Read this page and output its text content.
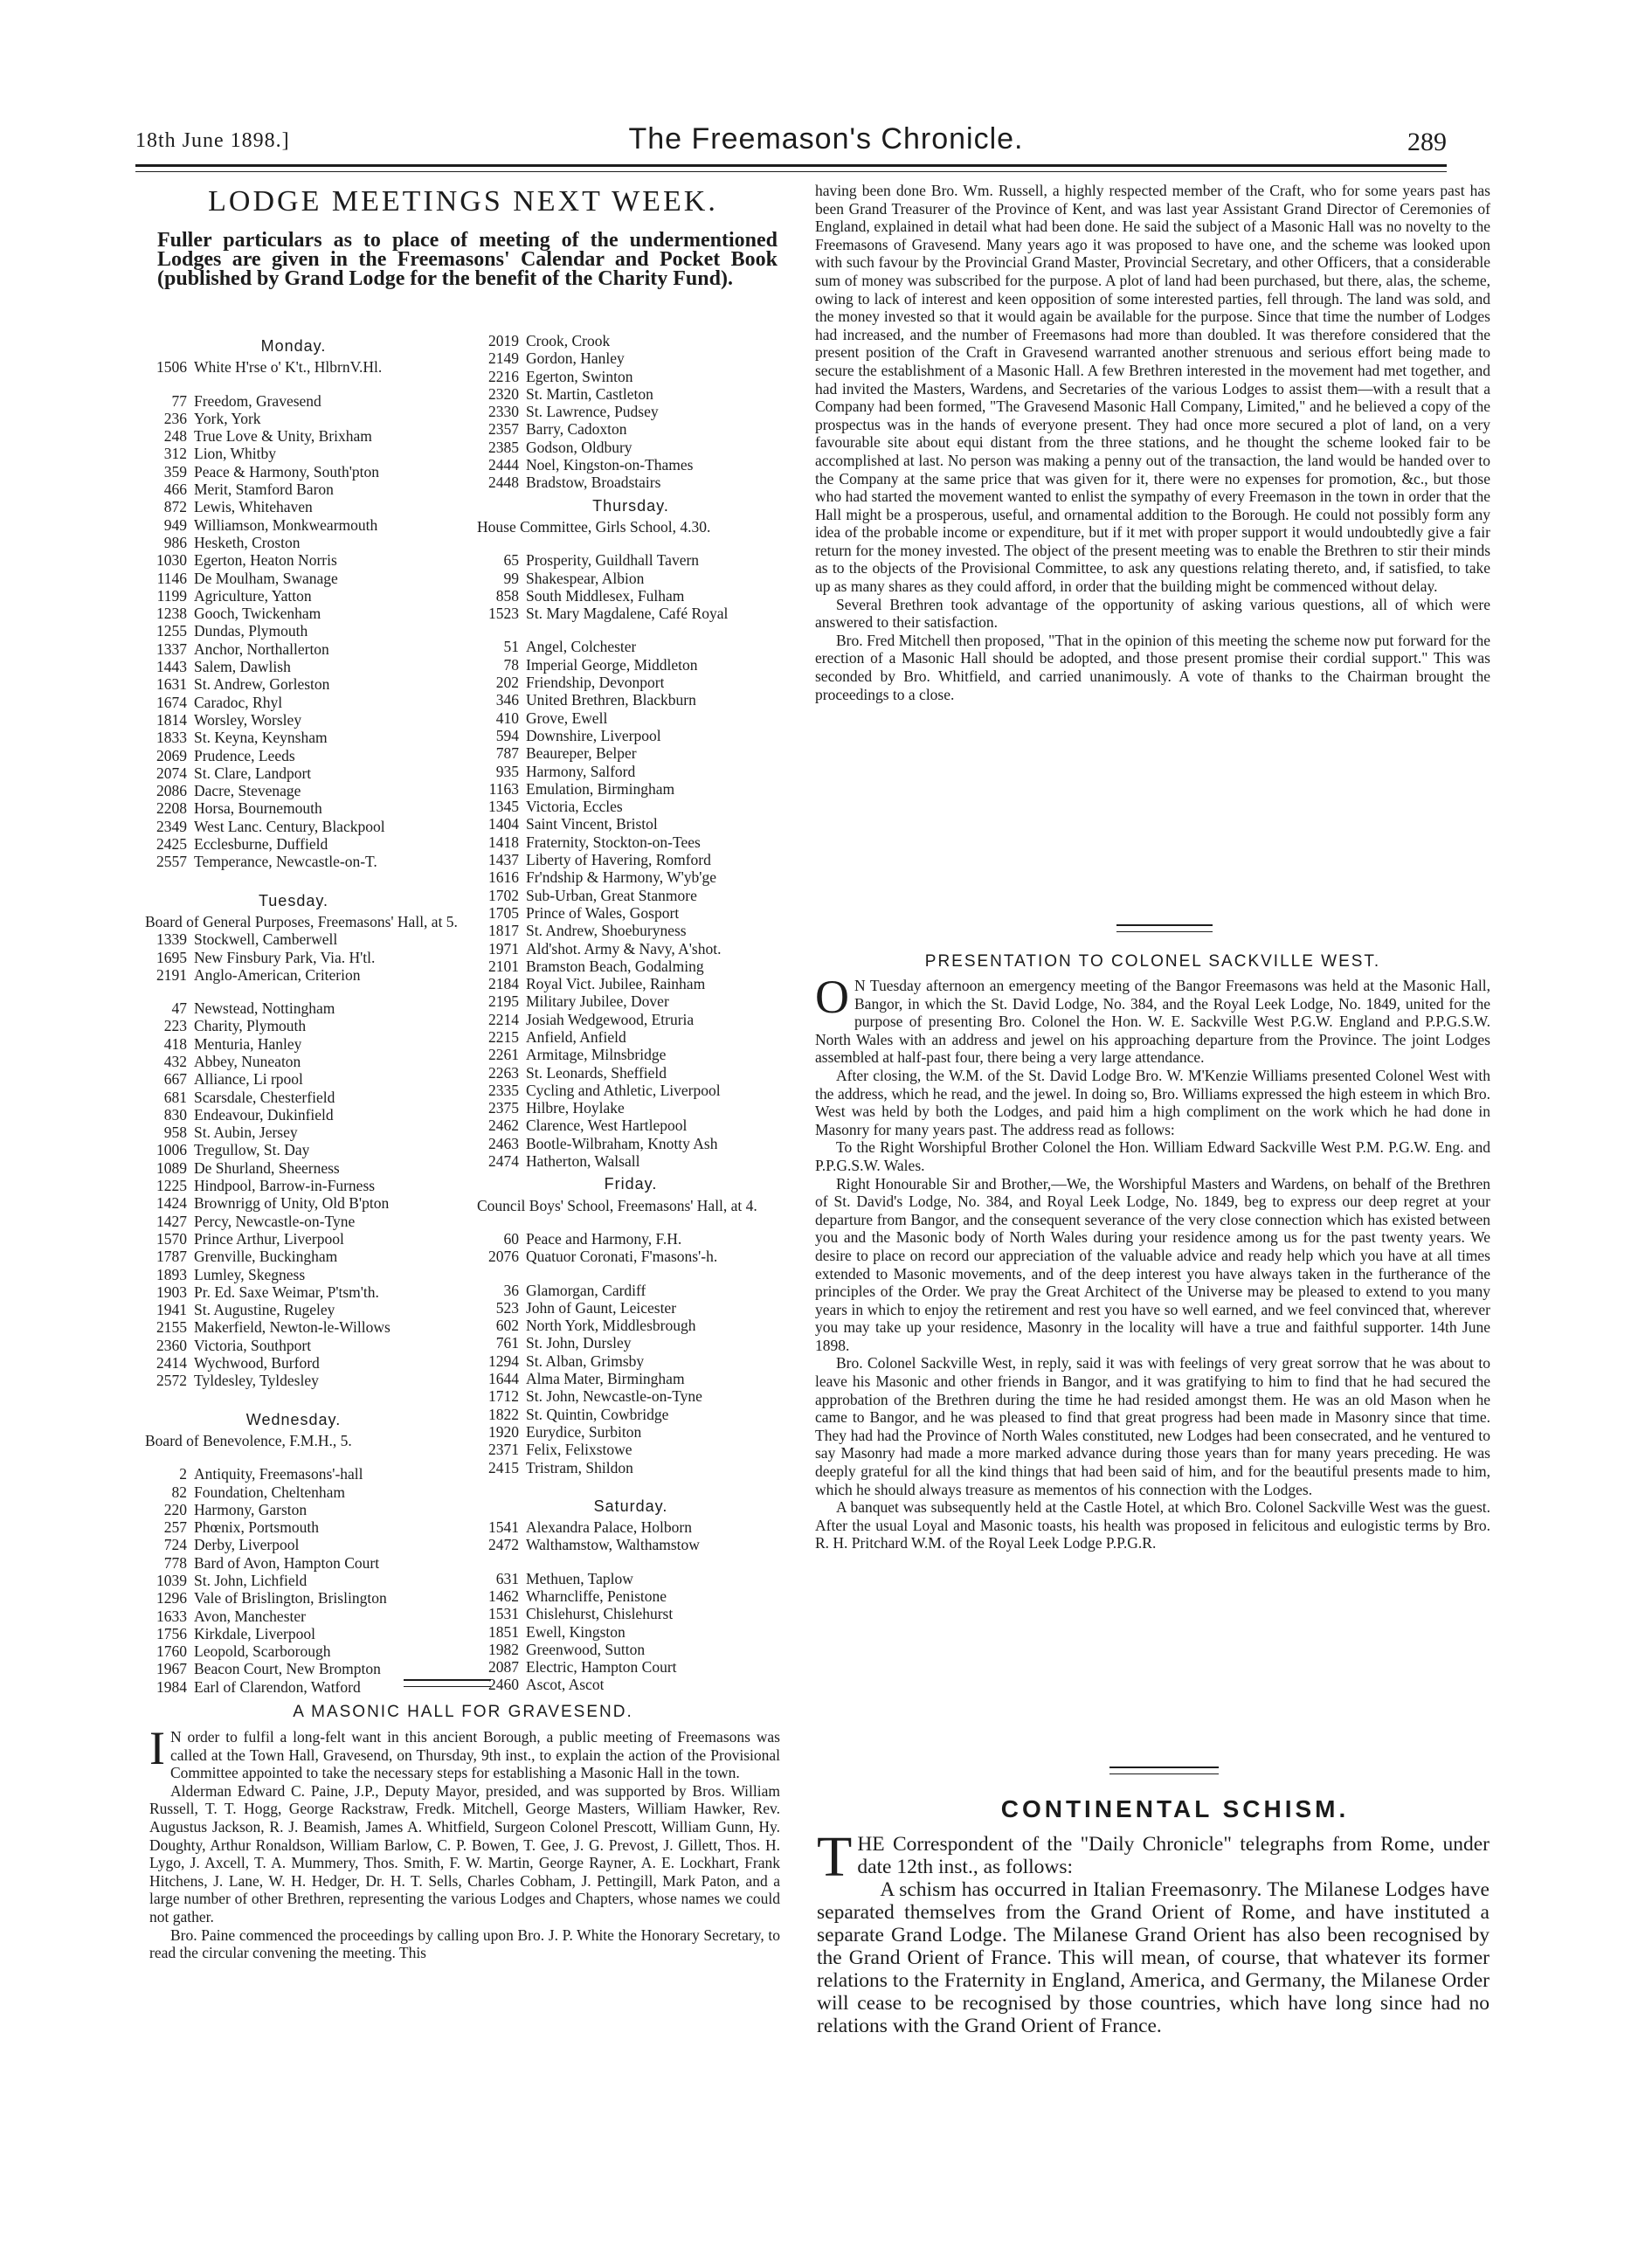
18th June 1898.]	The Freemason's Chronicle.	289
LODGE MEETINGS NEXT WEEK.
Fuller particulars as to place of meeting of the undermentioned Lodges are given in the Freemasons' Calendar and Pocket Book (published by Grand Lodge for the benefit of the Charity Fund).
Monday.
1506 White H'rse o' K't., HlbrnV.Hl.
77 Freedom, Gravesend
236 York, York
248 True Love & Unity, Brixham
312 Lion, Whitby
359 Peace & Harmony, South'pton
466 Merit, Stamford Baron
872 Lewis, Whitehaven
949 Williamson, Monkwearmouth
986 Hesketh, Croston
1030 Egerton, Heaton Norris
1146 De Moulham, Swanage
1199 Agriculture, Yatton
1238 Gooch, Twickenham
1255 Dundas, Plymouth
1337 Anchor, Northallerton
1443 Salem, Dawlish
1631 St. Andrew, Gorleston
1674 Caradoc, Rhyl
1814 Worsley, Worsley
1833 St. Keyna, Keynsham
2069 Prudence, Leeds
2074 St. Clare, Landport
2086 Dacre, Stevenage
2208 Horsa, Bournemouth
2349 West Lanc. Century, Blackpool
2425 Ecclesburne, Duffield
2557 Temperance, Newcastle-on-T.
Tuesday.
Board of General Purposes, Freemasons' Hall, at 5.
1339 Stockwell, Camberwell
1695 New Finsbury Park, Via. H'tl.
2191 Anglo-American, Criterion
47 Newstead, Nottingham
223 Charity, Plymouth
418 Menturia, Hanley
432 Abbey, Nuneaton
667 Alliance, Li rpool
681 Scarsdale, Chesterfield
830 Endeavour, Dukinfield
958 St. Aubin, Jersey
1006 Tregullow, St. Day
1089 De Shurland, Sheerness
1225 Hindpool, Barrow-in-Furness
1424 Brownrigg of Unity, Old B'pton
1427 Percy, Newcastle-on-Tyne
1570 Prince Arthur, Liverpool
1787 Grenville, Buckingham
1893 Lumley, Skegness
1903 Pr. Ed. Saxe Weimar, P'tsm'th.
1941 St. Augustine, Rugeley
2155 Makerfield, Newton-le-Willows
2360 Victoria, Southport
2414 Wychwood, Burford
2572 Tyldesley, Tyldesley
Wednesday.
Board of Benevolence, F.M.H., 5.
2 Antiquity, Freemasons'-hall
82 Foundation, Cheltenham
220 Harmony, Garston
257 Phœnix, Portsmouth
724 Derby, Liverpool
778 Bard of Avon, Hampton Court
1039 St. John, Lichfield
1296 Vale of Brislington, Brislington
1633 Avon, Manchester
1756 Kirkdale, Liverpool
1760 Leopold, Scarborough
1967 Beacon Court, New Brompton
1984 Earl of Clarendon, Watford
2019 Crook, Crook
2149 Gordon, Hanley
2216 Egerton, Swinton
2320 St. Martin, Castleton
2330 St. Lawrence, Pudsey
2357 Barry, Cadoxton
2385 Godson, Oldbury
2444 Noel, Kingston-on-Thames
2448 Bradstow, Broadstairs
Thursday.
House Committee, Girls School, 4.30.
65 Prosperity, Guildhall Tavern
99 Shakespear, Albion
858 South Middlesex, Fulham
1523 St. Mary Magdalene, Café Royal
51 Angel, Colchester
78 Imperial George, Middleton
202 Friendship, Devonport
346 United Brethren, Blackburn
410 Grove, Ewell
594 Downshire, Liverpool
787 Beaureper, Belper
935 Harmony, Salford
1163 Emulation, Birmingham
1345 Victoria, Eccles
1404 Saint Vincent, Bristol
1418 Fraternity, Stockton-on-Tees
1437 Liberty of Havering, Romford
1616 Fr'ndship & Harmony, W'yb'ge
1702 Sub-Urban, Great Stanmore
1705 Prince of Wales, Gosport
1817 St. Andrew, Shoeburyness
1971 Ald'shot. Army & Navy, A'shot.
2101 Bramston Beach, Godalming
2184 Royal Vict. Jubilee, Rainham
2195 Military Jubilee, Dover
2214 Josiah Wedgewood, Etruria
2215 Anfield, Anfield
2261 Armitage, Milnsbridge
2263 St. Leonards, Sheffield
2335 Cycling and Athletic, Liverpool
2375 Hilbre, Hoylake
2462 Clarence, West Hartlepool
2463 Bootle-Wilbraham, Knotty Ash
2474 Hatherton, Walsall
Friday.
Council Boys' School, Freemasons' Hall, at 4.
60 Peace and Harmony, F.H.
2076 Quatuor Coronati, F'masons'-h.
36 Glamorgan, Cardiff
523 John of Gaunt, Leicester
602 North York, Middlesbrough
761 St. John, Dursley
1294 St. Alban, Grimsby
1644 Alma Mater, Birmingham
1712 St. John, Newcastle-on-Tyne
1822 St. Quintin, Cowbridge
1920 Eurydice, Surbiton
2371 Felix, Felixstowe
2415 Tristram, Shildon
Saturday.
1541 Alexandra Palace, Holborn
2472 Walthamstow, Walthamstow
631 Methuen, Taplow
1462 Wharncliffe, Penistone
1531 Chislehurst, Chislehurst
1851 Ewell, Kingston
1982 Greenwood, Sutton
2087 Electric, Hampton Court
2460 Ascot, Ascot
A MASONIC HALL FOR GRAVESEND.

I N order to fulfil a long-felt want in this ancient Borough, a public meeting of Freemasons was called at the Town Hall, Gravesend, on Thursday, 9th inst., to explain the action of the Provisional Committee appointed to take the necessary steps for establishing a Masonic Hall in the town.

Alderman Edward C. Paine, J.P., Deputy Mayor, presided, and was supported by Bros. William Russell, T. T. Hogg, George Rackstraw, Fredk. Mitchell, George Masters, William Hawker, Rev. Augustus Jackson, R. J. Beamish, James A. Whitfield, Surgeon Colonel Prescott, William Gunn, Hy. Doughty, Arthur Ronaldson, William Barlow, C. P. Bowen, T. Gee, J. G. Prevost, J. Gillett, Thos. H. Lygo, J. Axcell, T. A. Mummery, Thos. Smith, F. W. Martin, George Rayner, A. E. Lockhart, Frank Hitchens, J. Lane, W. H. Hedger, Dr. H. T. Sells, Charles Cobham, J. Pettingill, Mark Paton, and a large number of other Brethren, representing the various Lodges and Chapters, whose names we could not gather.

Bro. Paine commenced the proceedings by calling upon Bro. J. P. White the Honorary Secretary, to read the circular convening the meeting. This

having been done Bro. Wm. Russell, a highly respected member of the Craft, who for some years past has been Grand Treasurer of the Province of Kent, and was last year Assistant Grand Director of Ceremonies of England, explained in detail what had been done. He said the subject of a Masonic Hall was no novelty to the Freemasons of Gravesend. Many years ago it was proposed to have one, and the scheme was looked upon with such favour by the Provincial Grand Master, Provincial Secretary, and other Officers, that a considerable sum of money was subscribed for the purpose. A plot of land had been purchased, but there, alas, the scheme, owing to lack of interest and keen opposition of some interested parties, fell through. The land was sold, and the money invested so that it would again be available for the purpose. Since that time the number of Lodges had increased, and the number of Freemasons had more than doubled. It was therefore considered that the present position of the Craft in Gravesend warranted another strenuous and serious effort being made to secure the establishment of a Masonic Hall. A few Brethren interested in the movement had met together, and had invited the Masters, Wardens, and Secretaries of the various Lodges to assist them—with a result that a Company had been formed, "The Gravesend Masonic Hall Company, Limited," and he believed a copy of the prospectus was in the hands of everyone present. They had once more secured a plot of land, on a very favourable site about equi distant from the three stations, and he thought the scheme looked fair to be accomplished at last. No person was making a penny out of the transaction, the land would be handed over to the Company at the same price that was given for it, there were no expenses for promotion, &c., but those who had started the movement wanted to enlist the sympathy of every Freemason in the town in order that the Hall might be a prosperous, useful, and ornamental addition to the Borough. He could not possibly form any idea of the probable income or expenditure, but if it met with proper support it would undoubtedly give a fair return for the money invested. The object of the present meeting was to enable the Brethren to stir their minds as to the objects of the Provisional Committee, to ask any questions relating thereto, and, if satisfied, to take up as many shares as they could afford, in order that the building might be commenced without delay.

Several Brethren took advantage of the opportunity of asking various questions, all of which were answered to their satisfaction.

Bro. Fred Mitchell then proposed, "That in the opinion of this meeting the scheme now put forward for the erection of a Masonic Hall should be adopted, and those present promise their cordial support." This was seconded by Bro. Whitfield, and carried unanimously. A vote of thanks to the Chairman brought the proceedings to a close.

PRESENTATION TO COLONEL SACKVILLE WEST.

O N Tuesday afternoon an emergency meeting of the Bangor Freemasons was held at the Masonic Hall, Bangor, in which the St. David Lodge, No. 384, and the Royal Leek Lodge, No. 1849, united for the purpose of presenting Bro. Colonel the Hon. W. E. Sackville West P.G.W. England and P.P.G.S.W. North Wales with an address and jewel on his approaching departure from the Province. The joint Lodges assembled at half-past four, there being a very large attendance.

After closing, the W.M. of the St. David Lodge Bro. W. M'Kenzie Williams presented Colonel West with the address, which he read, and the jewel. In doing so, Bro. Williams expressed the high esteem in which Bro. West was held by both the Lodges, and paid him a high compliment on the work which he had done in Masonry for many years past. The address read as follows:

To the Right Worshipful Brother Colonel the Hon. William Edward Sackville West P.M. P.G.W. Eng. and P.P.G.S.W. Wales.

Right Honourable Sir and Brother,—We, the Worshipful Masters and Wardens, on behalf of the Brethren of St. David's Lodge, No. 384, and Royal Leek Lodge, No. 1849, beg to express our deep regret at your departure from Bangor, and the consequent severance of the very close connection which has existed between you and the Masonic body of North Wales during your residence among us for the past twenty years. We desire to place on record our appreciation of the valuable advice and ready help which you have at all times extended to Masonic movements, and of the deep interest you have always taken in the furtherance of the principles of the Order. We pray the Great Architect of the Universe may be pleased to extend to you many years in which to enjoy the retirement and rest you have so well earned, and we feel convinced that, wherever you may take up your residence, Masonry in the locality will have a true and faithful supporter. 14th June 1898.

Bro. Colonel Sackville West, in reply, said it was with feelings of very great sorrow that he was about to leave his Masonic and other friends in Bangor, and it was gratifying to him to find that he had secured the approbation of the Brethren during the time he had resided amongst them. He was an old Mason when he came to Bangor, and he was pleased to find that great progress had been made in Masonry since that time. They had had the Province of North Wales constituted, new Lodges had been consecrated, and he ventured to say Masonry had made a more marked advance during those years than for many years preceding. He was deeply grateful for all the kind things that had been said of him, and for the beautiful presents made to him, which he should always treasure as mementos of his connection with the Lodges.

A banquet was subsequently held at the Castle Hotel, at which Bro. Colonel Sackville West was the guest. After the usual Loyal and Masonic toasts, his health was proposed in felicitous and eulogistic terms by Bro. R. H. Pritchard W.M. of the Royal Leek Lodge P.P.G.R.

CONTINENTAL SCHISM.

THE Correspondent of the "Daily Chronicle" telegraphs from Rome, under date 12th inst., as follows:

A schism has occurred in Italian Freemasonry. The Milanese Lodges have separated themselves from the Grand Orient of Rome, and have instituted a separate Grand Lodge. The Milanese Grand Orient has also been recognised by the Grand Orient of France. This will mean, of course, that whatever its former relations to the Fraternity in England, America, and Germany, the Milanese Order will cease to be recognised by those countries, which have long since had no relations with the Grand Orient of France.
